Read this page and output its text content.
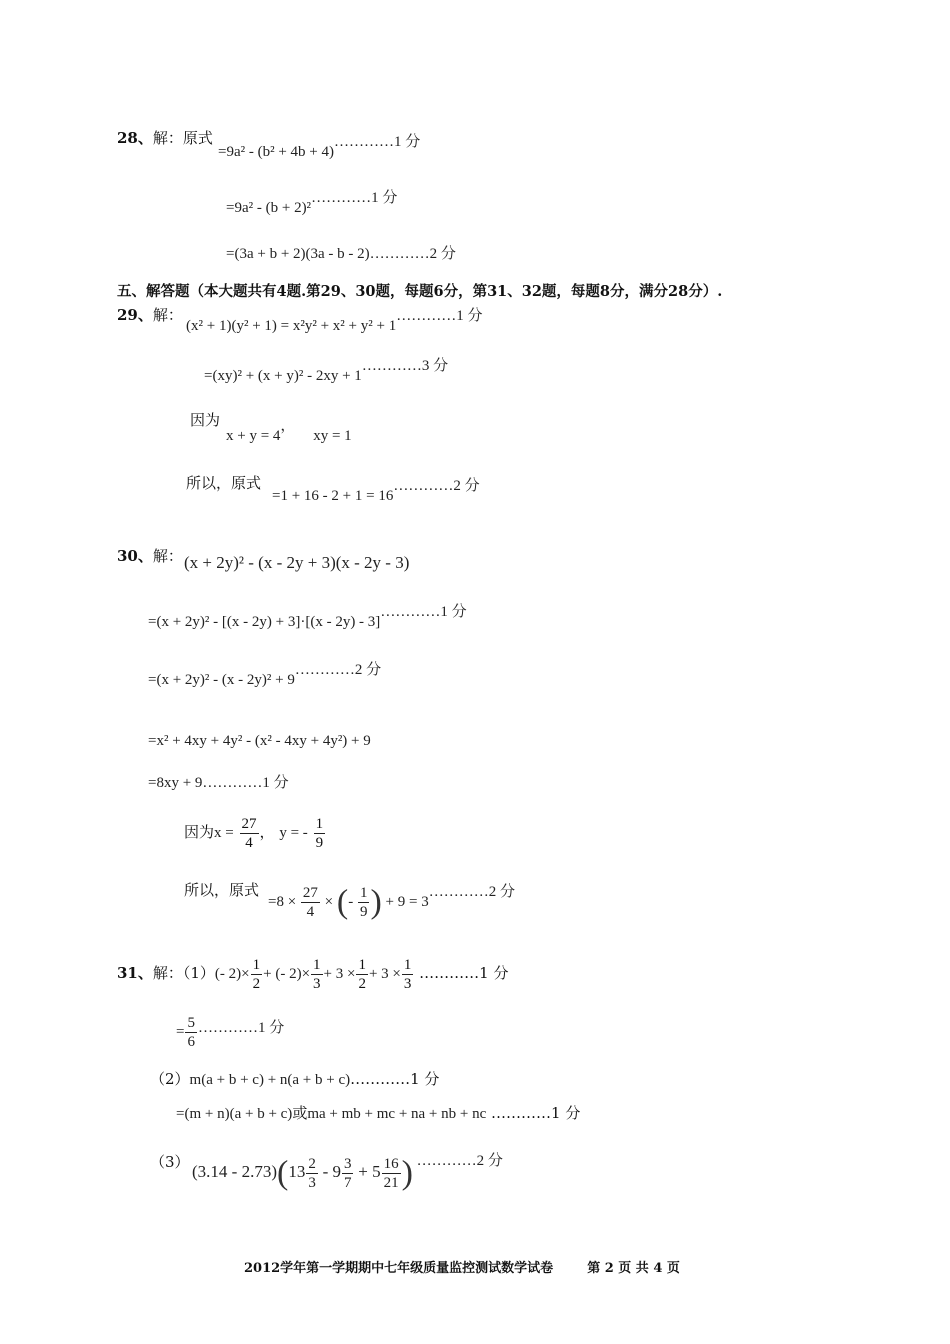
28、解：原式
=9a² - (b² + 4b + 4)…………1 分
=9a² - (b + 2)²…………1 分
=(3a + b + 2)(3a - b - 2)…………2 分
五、解答题（本大题共有4题.第29、30题，每题6分，第31、32题，每题8分，满分28分）.
29、解：
(x² + 1)(y² + 1) = x²y² + x² + y² + 1…………1 分
=(xy)² + (x + y)² - 2xy + 1…………3 分
因为
x + y = 4， xy = 1
所以，原式
=1 + 16 - 2 + 1 = 16…………2 分
30、解： (x + 2y)² - (x - 2y + 3)(x - 2y - 3)
=(x + 2y)² - [(x - 2y) + 3]·[(x - 2y) - 3]…………1 分
=(x + 2y)² - (x - 2y)² + 9…………2 分
=x² + 4xy + 4y² - (x² - 4xy + 4y²) + 9
=8xy + 9…………1 分
因为$x = \frac{27}{4}$ ， y = - $\frac{1}{9}$
所以，原式
$=8 \times \frac{27}{4}$ × (- $\frac{1}{9}$ ) + 9 = 3…………2 分
31、解：（1）(- $2)\times \frac{1}{2}$ + (- $2)\times \frac{1}{3} + 3 \times \frac{1}{2} + 3 \times \frac{1}{3}$ …………1 分
= $\frac{5}{6}$ …………1 分
（2）m(a + b + c) + n(a + b + c)…………1 分
=(m + n)(a + b + c)或ma + mb + mc + na + nb + nc …………1 分
（3） $(3.14 - 2.73)(13 \frac{2}{3} - 9 \frac{3}{7} + 5 \frac{16}{21}$ ) …………2 分
2012学年第一学期期中七年级质量监控测试数学试卷	第 2 页 共 4 页
